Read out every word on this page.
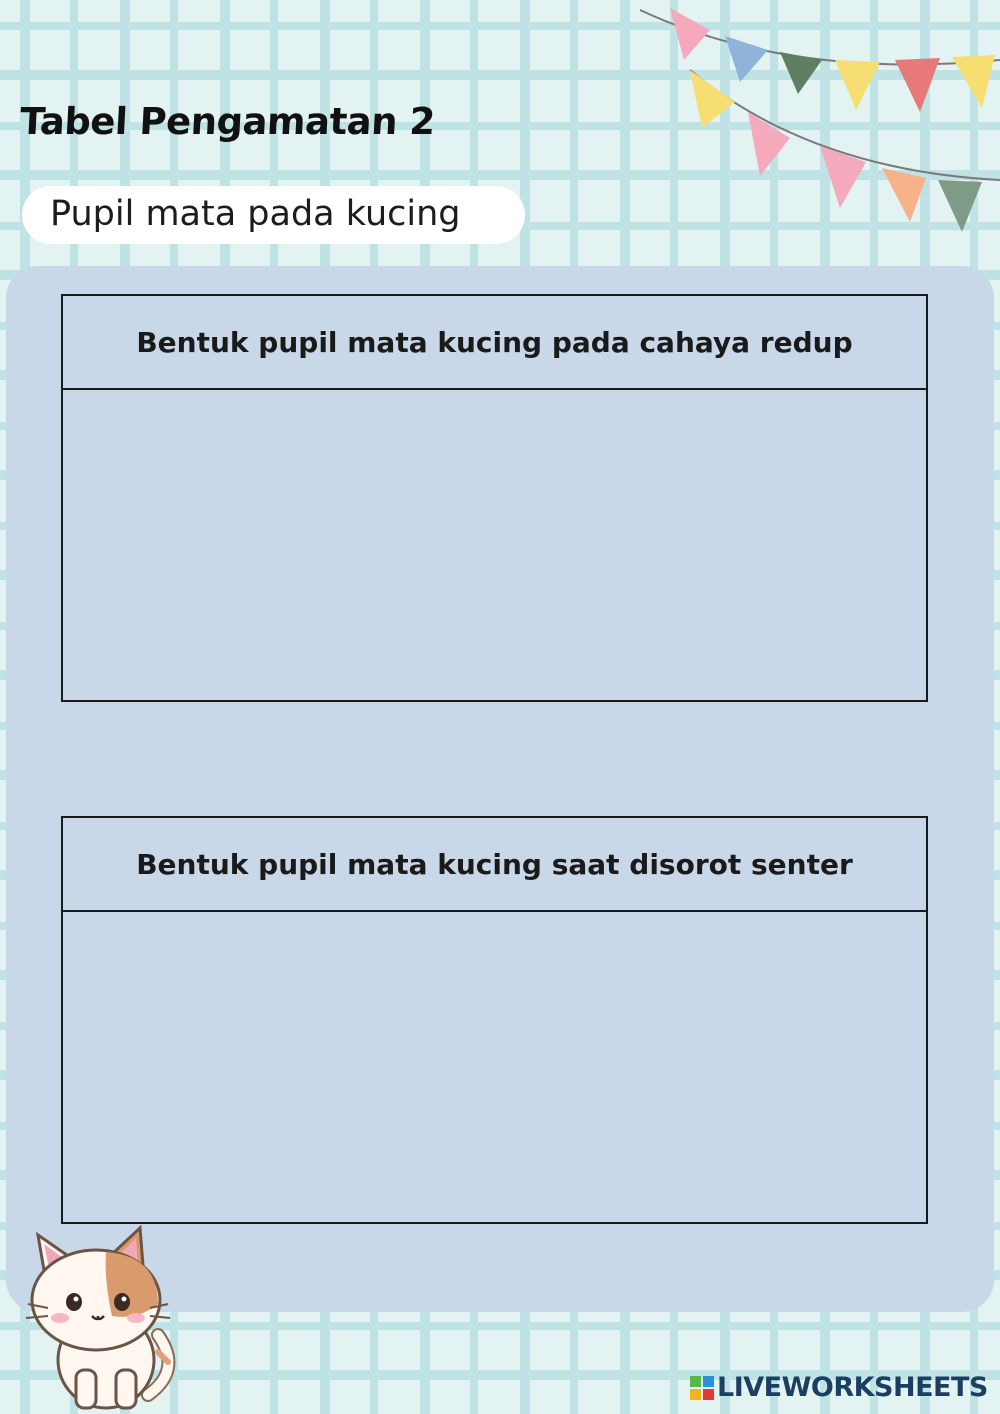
Tabel Pengamatan 2
Pupil mata pada kucing
Bentuk pupil mata kucing pada cahaya redup
Bentuk pupil mata kucing saat disorot senter
LIVEWORKSHEETS
